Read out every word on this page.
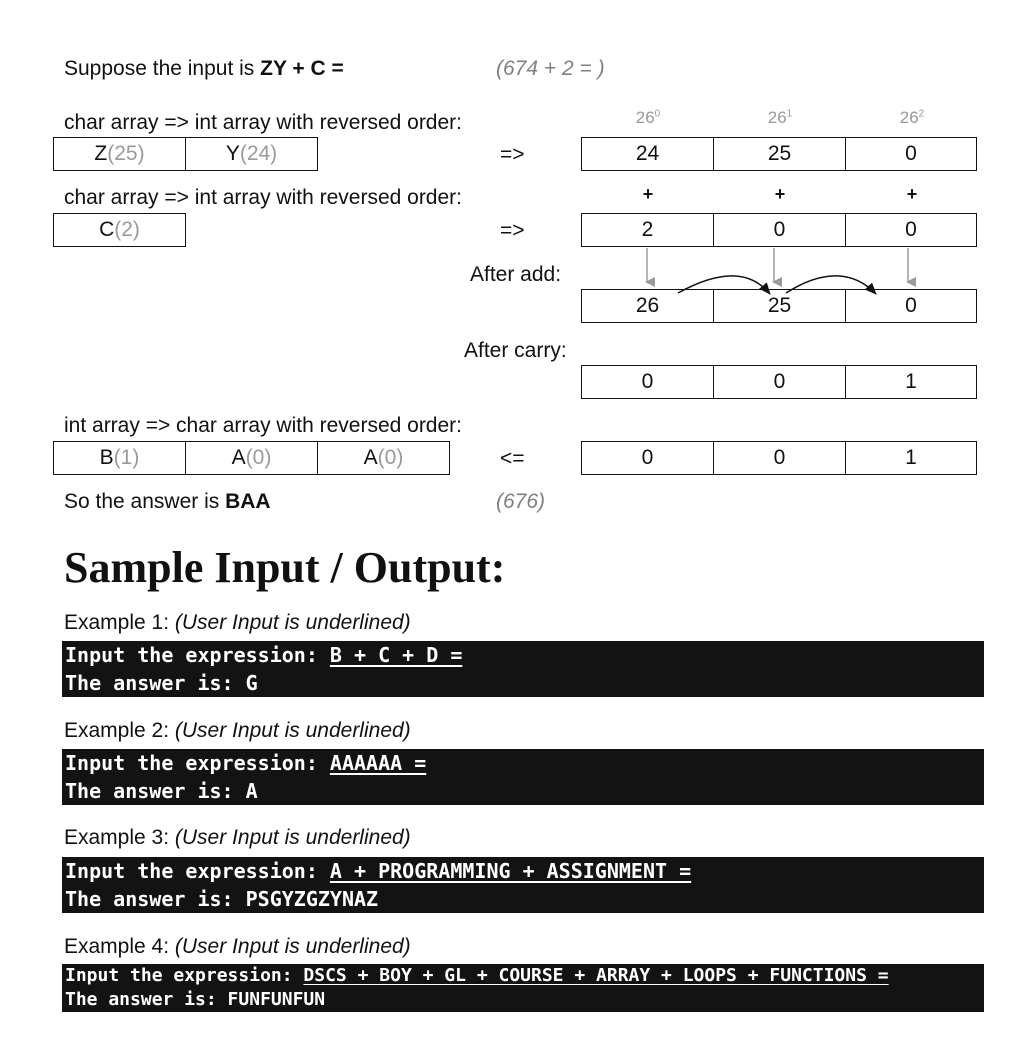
Suppose the input is ZY + C =	(674 + 2 = )
$26^0$	$26^1$	$26^2$
char array => int array with reversed order:
Z(25)	Y(24)	=>	24	25	0
+	+	+
char array => int array with reversed order:
C(2)	=>	2	0	0
After add:
26	25	0
After carry:
0	0	1
int array => char array with reversed order:
B(1)	A(0)	A(0)	<=	0	0	1
So the answer is BAA	(676)
Sample Input / Output:
Example 1: (User Input is underlined)
Input the expression: B + C + D =
The answer is: G
Example 2: (User Input is underlined)
Input the expression: AAAAAA =
The answer is: A
Example 3: (User Input is underlined)
Input the expression: A + PROGRAMMING + ASSIGNMENT =
The answer is: PSGYZGZYNAZ
Example 4: (User Input is underlined)
Input the expression: DSCS + BOY + GL + COURSE + ARRAY + LOOPS + FUNCTIONS =
The answer is: FUNFUNFUN
